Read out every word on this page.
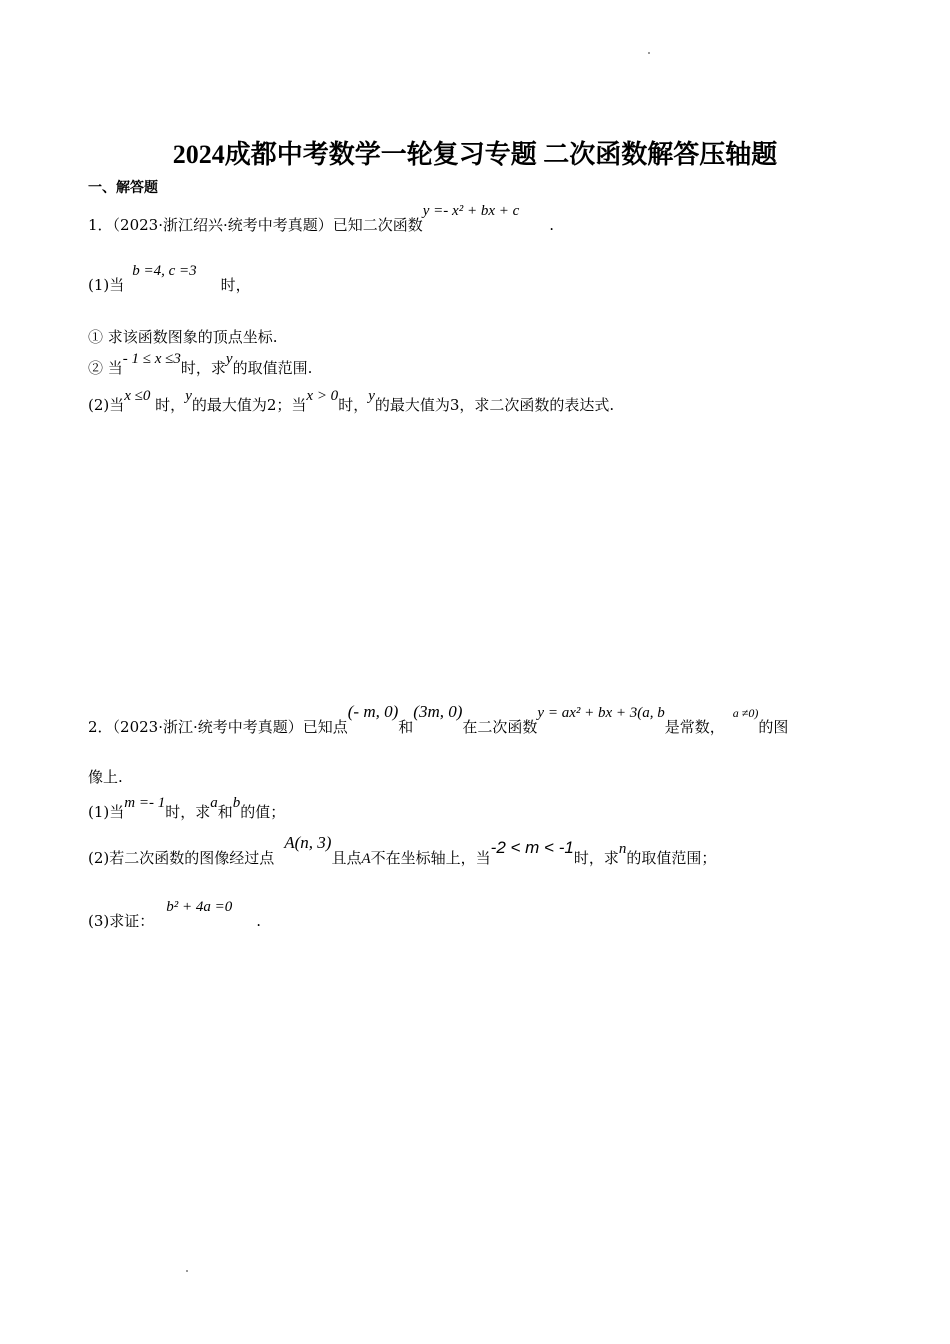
2024成都中考数学一轮复习专题 二次函数解答压轴题
一、解答题
1．（2023·浙江绍兴·统考中考真题）已知二次函数y =- x² + bx + c.
(1)当b =4, c =3时，
① 求该函数图象的顶点坐标.
② 当- 1 ≤ x ≤3时，求y的取值范围.
(2)当x ≤0 时，y的最大值为2；当x > 0时，y的最大值为3，求二次函数的表达式.
2．（2023·浙江·统考中考真题）已知点(- m, 0)和(3m, 0)在二次函数y = ax² + bx + 3(a, b是常数，$^{a \ne 0)}$的图
像上.
(1)当m =- 1时，求a和b的值；
(2)若二次函数的图像经过点A(n, 3)且点A不在坐标轴上，当-2 < m < -1时，求n的取值范围；
(3)求证：b² + 4a =0.
